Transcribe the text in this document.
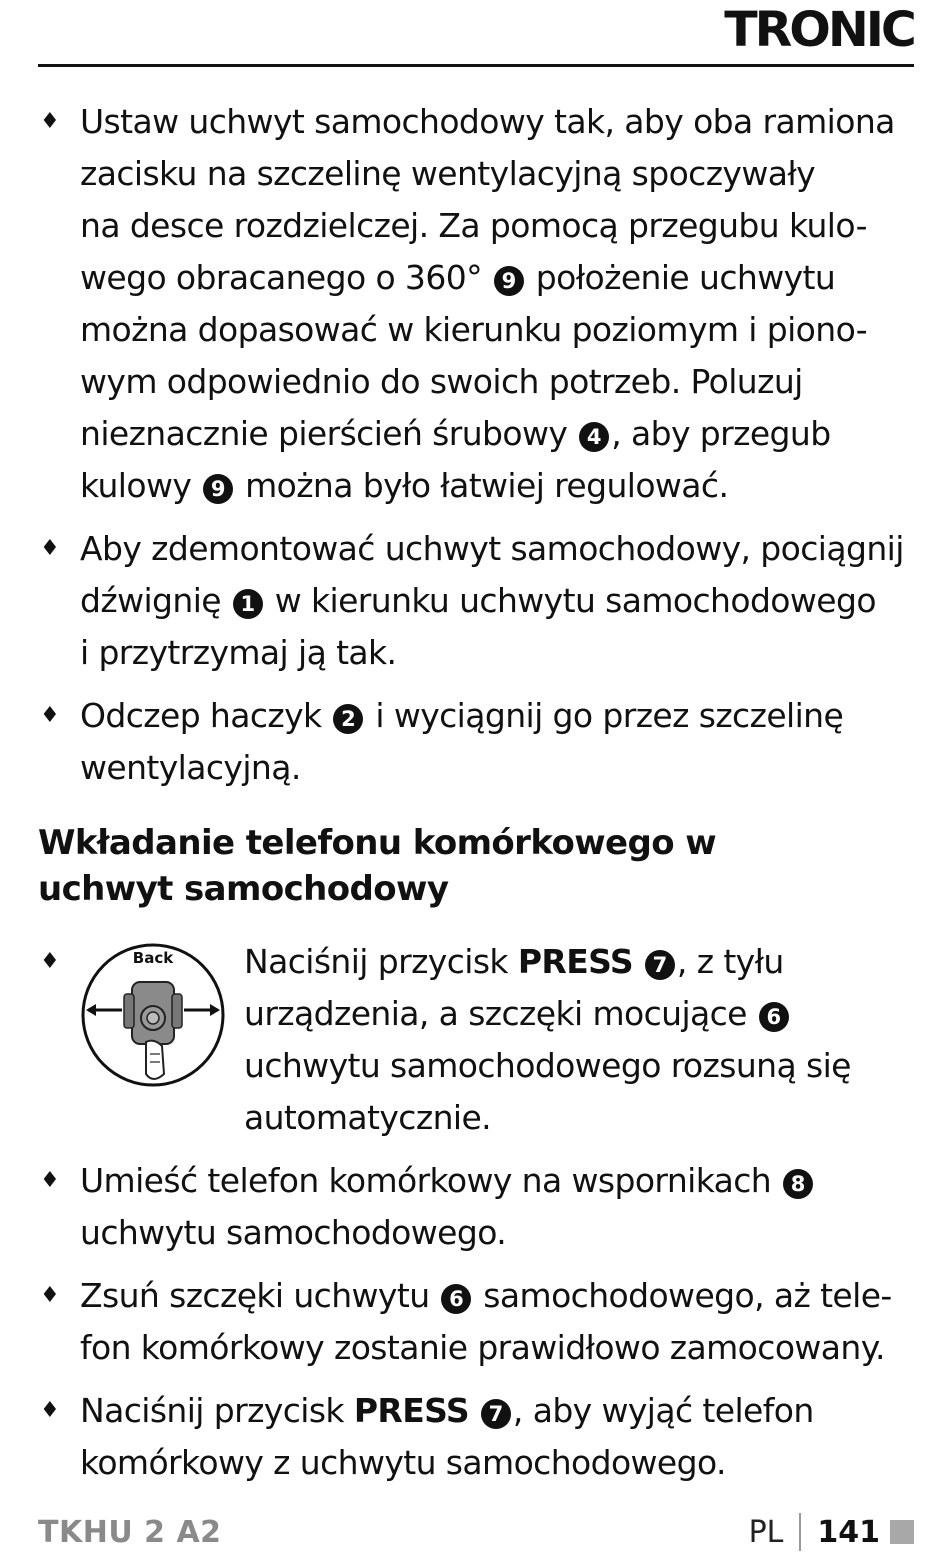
TRONIC
♦ Ustaw uchwyt samochodowy tak, aby oba ramiona
zacisku na szczelinę wentylacyjną spoczywały
na desce rozdzielczej. Za pomocą przegubu kulo-
wego obracanego o 360° 9 położenie uchwytu
można dopasować w kierunku poziomym i piono-
wym odpowiednio do swoich potrzeb. Poluzuj
nieznacznie pierścień śrubowy 4 , aby przegub
kulowy 9 można było łatwiej regulować.
♦ Aby zdemontować uchwyt samochodowy, pociągnij
dźwignię 1 w kierunku uchwytu samochodowego
i przytrzymaj ją tak.
♦ Odczep haczyk 2 i wyciągnij go przez szczelinę
wentylacyjną.
Wkładanie telefonu komórkowego w
uchwyt samochodowy
♦	Back Naciśnij przycisk PRESS 7 , z tyłu
urządzenia, a szczęki mocujące 6
uchwytu samochodowego rozsuną się
automatycznie.
♦ Umieść telefon komórkowy na wspornikach 8
uchwytu samochodowego.
♦ Zsuń szczęki uchwytu 6 samochodowego, aż tele-
fon komórkowy zostanie prawidłowo zamocowany.
♦ Naciśnij przycisk PRESS 7 , aby wyjąć telefon
komórkowy z uchwytu samochodowego.
TKHU 2 A2	PL 141
